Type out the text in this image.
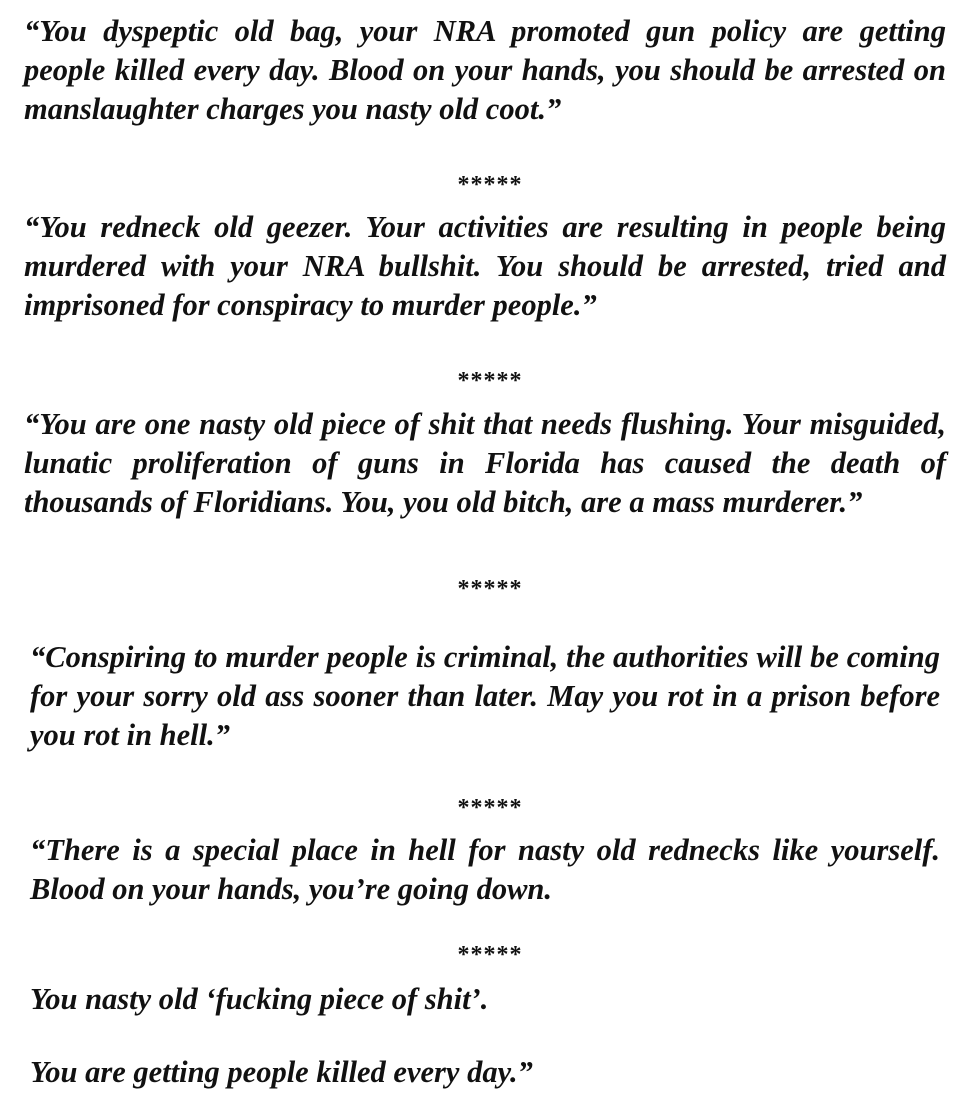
“You dyspeptic old bag, your NRA promoted gun policy are getting people killed every day. Blood on your hands, you should be arrested on manslaughter charges you nasty old coot.”

*****

“You redneck old geezer. Your activities are resulting in people being murdered with your NRA bullshit. You should be arrested, tried and imprisoned for conspiracy to murder people.”

*****

“You are one nasty old piece of shit that needs flushing. Your misguided, lunatic proliferation of guns in Florida has caused the death of thousands of Floridians. You, you old bitch, are a mass murderer.”

*****

“Conspiring to murder people is criminal, the authorities will be coming for your sorry old ass sooner than later. May you rot in a prison before you rot in hell.”

*****

“There is a special place in hell for nasty old rednecks like yourself. Blood on your hands, you’re going down.

*****

You nasty old ‘fucking piece of shit’.

You are getting people killed every day.”
